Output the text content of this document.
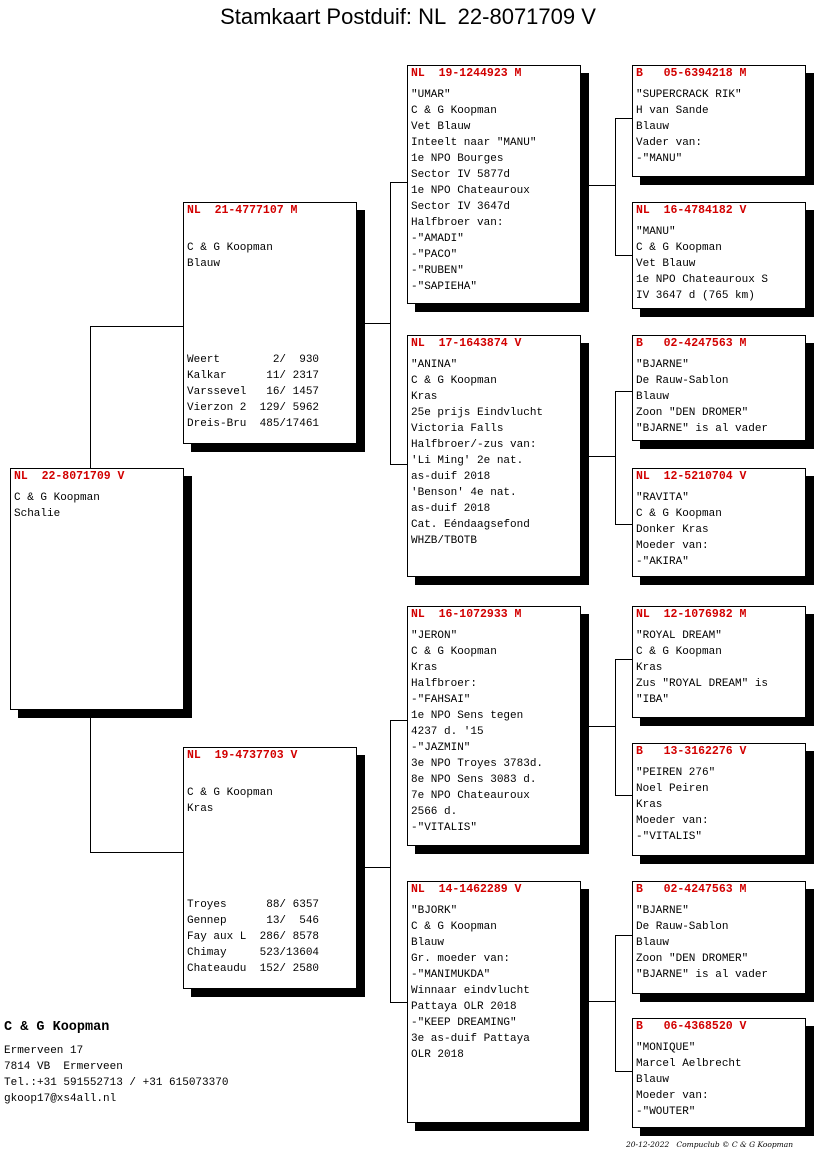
Stamkaart Postduif: NL  22-8071709 V
NL  22-8071709 V
C & G Koopman
Schalie
NL  21-4777107 M
C & G Koopman
Blauw
Weert        2/  930
Kalkar      11/ 2317
Varssevel   16/ 1457
Vierzon 2  129/ 5962
Dreis-Bru  485/17461
NL  19-4737703 V
C & G Koopman
Kras
Troyes      88/ 6357
Gennep      13/  546
Fay aux L  286/ 8578
Chimay     523/13604
Chateaudu  152/ 2580
NL  19-1244923 M
"UMAR"
C & G Koopman
Vet Blauw
Inteelt naar "MANU"
1e NPO Bourges
Sector IV 5877d
1e NPO Chateauroux
Sector IV 3647d
Halfbroer van:
-"AMADI"
-"PACO"
-"RUBEN"
-"SAPIEHA"
NL  17-1643874 V
"ANINA"
C & G Koopman
Kras
25e prijs Eindvlucht
Victoria Falls
Halfbroer/-zus van:
'Li Ming' 2e nat.
as-duif 2018
'Benson' 4e nat.
as-duif 2018
Cat. Eéndaagsefond
WHZB/TBOTB
NL  16-1072933 M
"JERON"
C & G Koopman
Kras
Halfbroer:
-"FAHSAI"
1e NPO Sens tegen
4237 d. '15
-"JAZMIN"
3e NPO Troyes 3783d.
8e NPO Sens 3083 d.
7e NPO Chateauroux
2566 d.
-"VITALIS"
NL  14-1462289 V
"BJORK"
C & G Koopman
Blauw
Gr. moeder van:
-"MANIMUKDA"
Winnaar eindvlucht
Pattaya OLR 2018
-"KEEP DREAMING"
3e as-duif Pattaya
OLR 2018
B   05-6394218 M
"SUPERCRACK RIK"
H van Sande
Blauw
Vader van:
-"MANU"
NL  16-4784182 V
"MANU"
C & G Koopman
Vet Blauw
1e NPO Chateauroux S
IV 3647 d (765 km)
B   02-4247563 M
"BJARNE"
De Rauw-Sablon
Blauw
Zoon "DEN DROMER"
"BJARNE" is al vader
NL  12-5210704 V
"RAVITA"
C & G Koopman
Donker Kras
Moeder van:
-"AKIRA"
NL  12-1076982 M
"ROYAL DREAM"
C & G Koopman
Kras
Zus "ROYAL DREAM" is
"IBA"
B   13-3162276 V
"PEIREN 276"
Noel Peiren
Kras
Moeder van:
-"VITALIS"
B   02-4247563 M
"BJARNE"
De Rauw-Sablon
Blauw
Zoon "DEN DROMER"
"BJARNE" is al vader
B   06-4368520 V
"MONIQUE"
Marcel Aelbrecht
Blauw
Moeder van:
-"WOUTER"
C & G Koopman
Ermerveen 17
7814 VB  Ermerveen
Tel.:+31 591552713 / +31 615073370
gkoop17@xs4all.nl
20-12-2022   Compuclub © C & G Koopman
